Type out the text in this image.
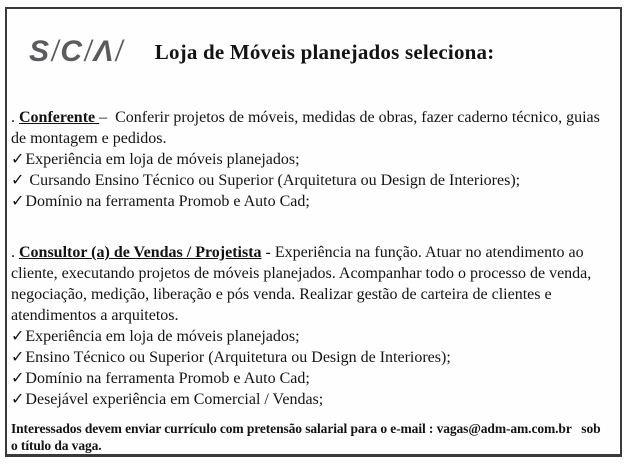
S/C/Λ/ Loja de Móveis planejados seleciona:

. Conferente –  Conferir projetos de móveis, medidas de obras, fazer caderno técnico, guias de montagem e pedidos.

✓Experiência em loja de móveis planejados;
✓ Cursando Ensino Técnico ou Superior (Arquitetura ou Design de Interiores);
✓Domínio na ferramenta Promob e Auto Cad;

. Consultor (a) de Vendas / Projetista - Experiência na função. Atuar no atendimento ao cliente, executando projetos de móveis planejados. Acompanhar todo o processo de venda, negociação, medição, liberação e pós venda. Realizar gestão de carteira de clientes e atendimentos a arquitetos.

✓Experiência em loja de móveis planejados;
✓Ensino Técnico ou Superior (Arquitetura ou Design de Interiores);
✓Domínio na ferramenta Promob e Auto Cad;
✓Desejável experiência em Comercial / Vendas;

Interessados devem enviar currículo com pretensão salarial para o e-mail : vagas@adm-am.com.br   sob o título da vaga.
